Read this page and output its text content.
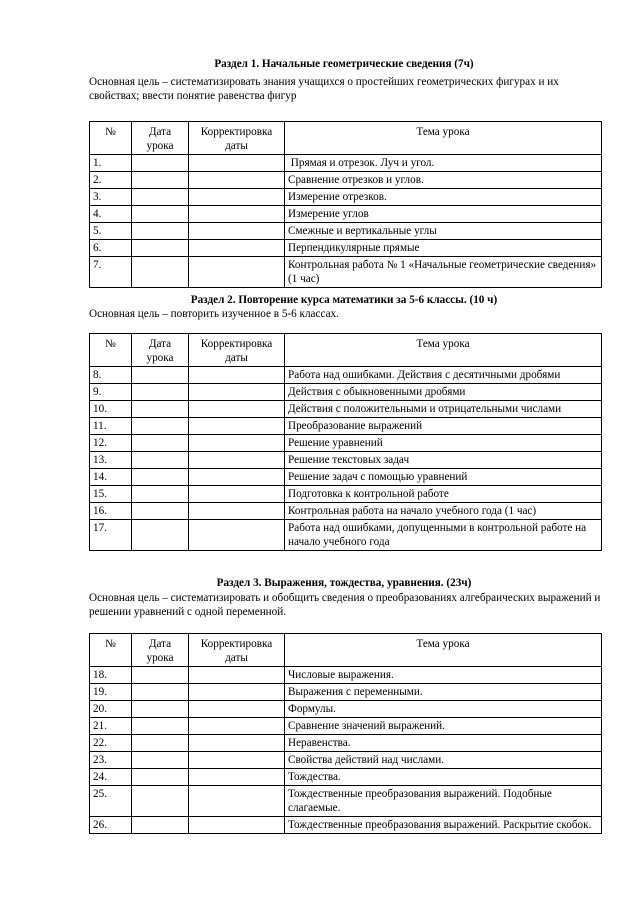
Раздел 1. Начальные геометрические сведения (7ч)
Основная цель – систематизировать знания учащихся о простейших геометрических фигурах и их свойствах; ввести понятие равенства фигур
№	Дата урока	Корректировка даты	Тема урока
1.			Прямая и отрезок. Луч и угол.
2.			Сравнение отрезков и углов.
3.			Измерение отрезков.
4.			Измерение углов
5.			Смежные и вертикальные углы
6.			Перпендикулярные прямые
7.			Контрольная работа № 1 «Начальные геометрические сведения» (1 час)
Раздел 2. Повторение курса математики за 5-6 классы. (10 ч)
Основная цель – повторить изученное в 5-6 классах.
№	Дата урока	Корректировка даты	Тема урока
8.			Работа над ошибками. Действия с десятичными дробями
9.			Действия с обыкновенными дробями
10.			Действия с положительными и отрицательными числами
11.			Преобразование выражений
12.			Решение уравнений
13.			Решение текстовых задач
14.			Решение задач с помощью уравнений
15.			Подготовка к контрольной работе
16.			Контрольная работа на начало учебного года (1 час)
17.			Работа над ошибками, допущенными в контрольной работе на начало учебного года
Раздел 3. Выражения, тождества, уравнения. (23ч)
Основная цель – систематизировать и обобщить сведения о преобразованиях алгебраических выражений и решении уравнений с одной переменной.
№	Дата урока	Корректировка даты	Тема урока
18.			Числовые выражения.
19.			Выражения с переменными.
20.			Формулы.
21.			Сравнение значений выражений.
22.			Неравенства.
23.			Свойства действий над числами.
24.			Тождества.
25.			Тождественные преобразования выражений. Подобные слагаемые.
26.			Тождественные преобразования выражений. Раскрытие скобок.
